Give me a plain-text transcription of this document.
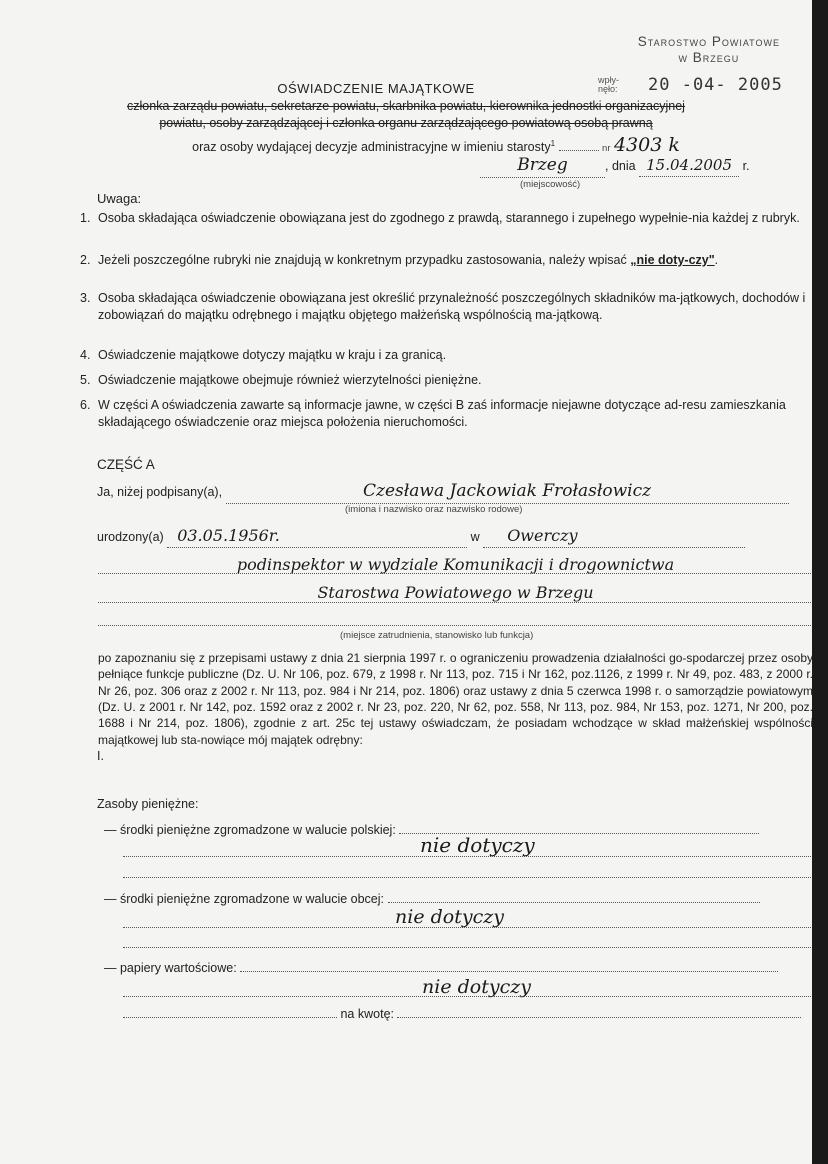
Starostwo Powiatowe
w Brzegu
wpły-
nęło: 20 -04- 2005
OŚWIADCZENIE MAJĄTKOWE
członka zarządu powiatu, sekretarze powiatu, skarbnika powiatu, kierownika jednostki organizacyjnej
powiatu, osoby zarządzającej i członka organu zarządzającego powiatową osobą prawną
oraz osoby wydającej decyzje administracyjne w imieniu starosty$^1$	nr 4303 k
Brzeg	, dnia 15.04.2005 r.
(miejscowość)
Uwaga:
1. Osoba składająca oświadczenie obowiązana jest do zgodnego z prawdą, starannego i zupełnego wypełnie-nia każdej z rubryk.
2. Jeżeli poszczególne rubryki nie znajdują w konkretnym przypadku zastosowania, należy wpisać „nie doty-czy".
3. Osoba składająca oświadczenie obowiązana jest określić przynależność poszczególnych składników ma-jątkowych, dochodów i zobowiązań do majątku odrębnego i majątku objętego małżeńską wspólnością ma-jątkową.
4. Oświadczenie majątkowe dotyczy majątku w kraju i za granicą.
5. Oświadczenie majątkowe obejmuje również wierzytelności pieniężne.
6. W części A oświadczenia zawarte są informacje jawne, w części B zaś informacje niejawne dotyczące ad-resu zamieszkania składającego oświadczenie oraz miejsca położenia nieruchomości.
CZĘŚĆ A
Ja, niżej podpisany(a),	Czesława Jackowiak Frołasłowicz
(imiona i nazwisko oraz nazwisko rodowe)
urodzony(a) 03.05.1956r.	w Owerczy
podinspektor w wydziale Komunikacji i drogownictwa
Starostwa Powiatowego w Brzegu
(miejsce zatrudnienia, stanowisko lub funkcja)
po zapoznaniu się z przepisami ustawy z dnia 21 sierpnia 1997 r. o ograniczeniu prowadzenia działalności go-spodarczej przez osoby pełniące funkcje publiczne (Dz. U. Nr 106, poz. 679, z 1998 r. Nr 113, poz. 715 i Nr 162, poz.1126, z 1999 r. Nr 49, poz. 483, z 2000 r. Nr 26, poz. 306 oraz z 2002 r. Nr 113, poz. 984 i Nr 214, poz. 1806) oraz ustawy z dnia 5 czerwca 1998 r. o samorządzie powiatowym (Dz. U. z 2001 r. Nr 142, poz. 1592 oraz z 2002 r. Nr 23, poz. 220, Nr 62, poz. 558, Nr 113, poz. 984, Nr 153, poz. 1271, Nr 200, poz. 1688 i Nr 214, poz. 1806), zgodnie z art. 25c tej ustawy oświadczam, że posiadam wchodzące w skład małżeńskiej wspólności majątkowej lub sta-nowiące mój majątek odrębny:
I.
Zasoby pieniężne:
— środki pieniężne zgromadzone w walucie polskiej:
nie dotyczy
— środki pieniężne zgromadzone w walucie obcej:
nie dotyczy
— papiery wartościowe:
nie dotyczy
na kwotę:
